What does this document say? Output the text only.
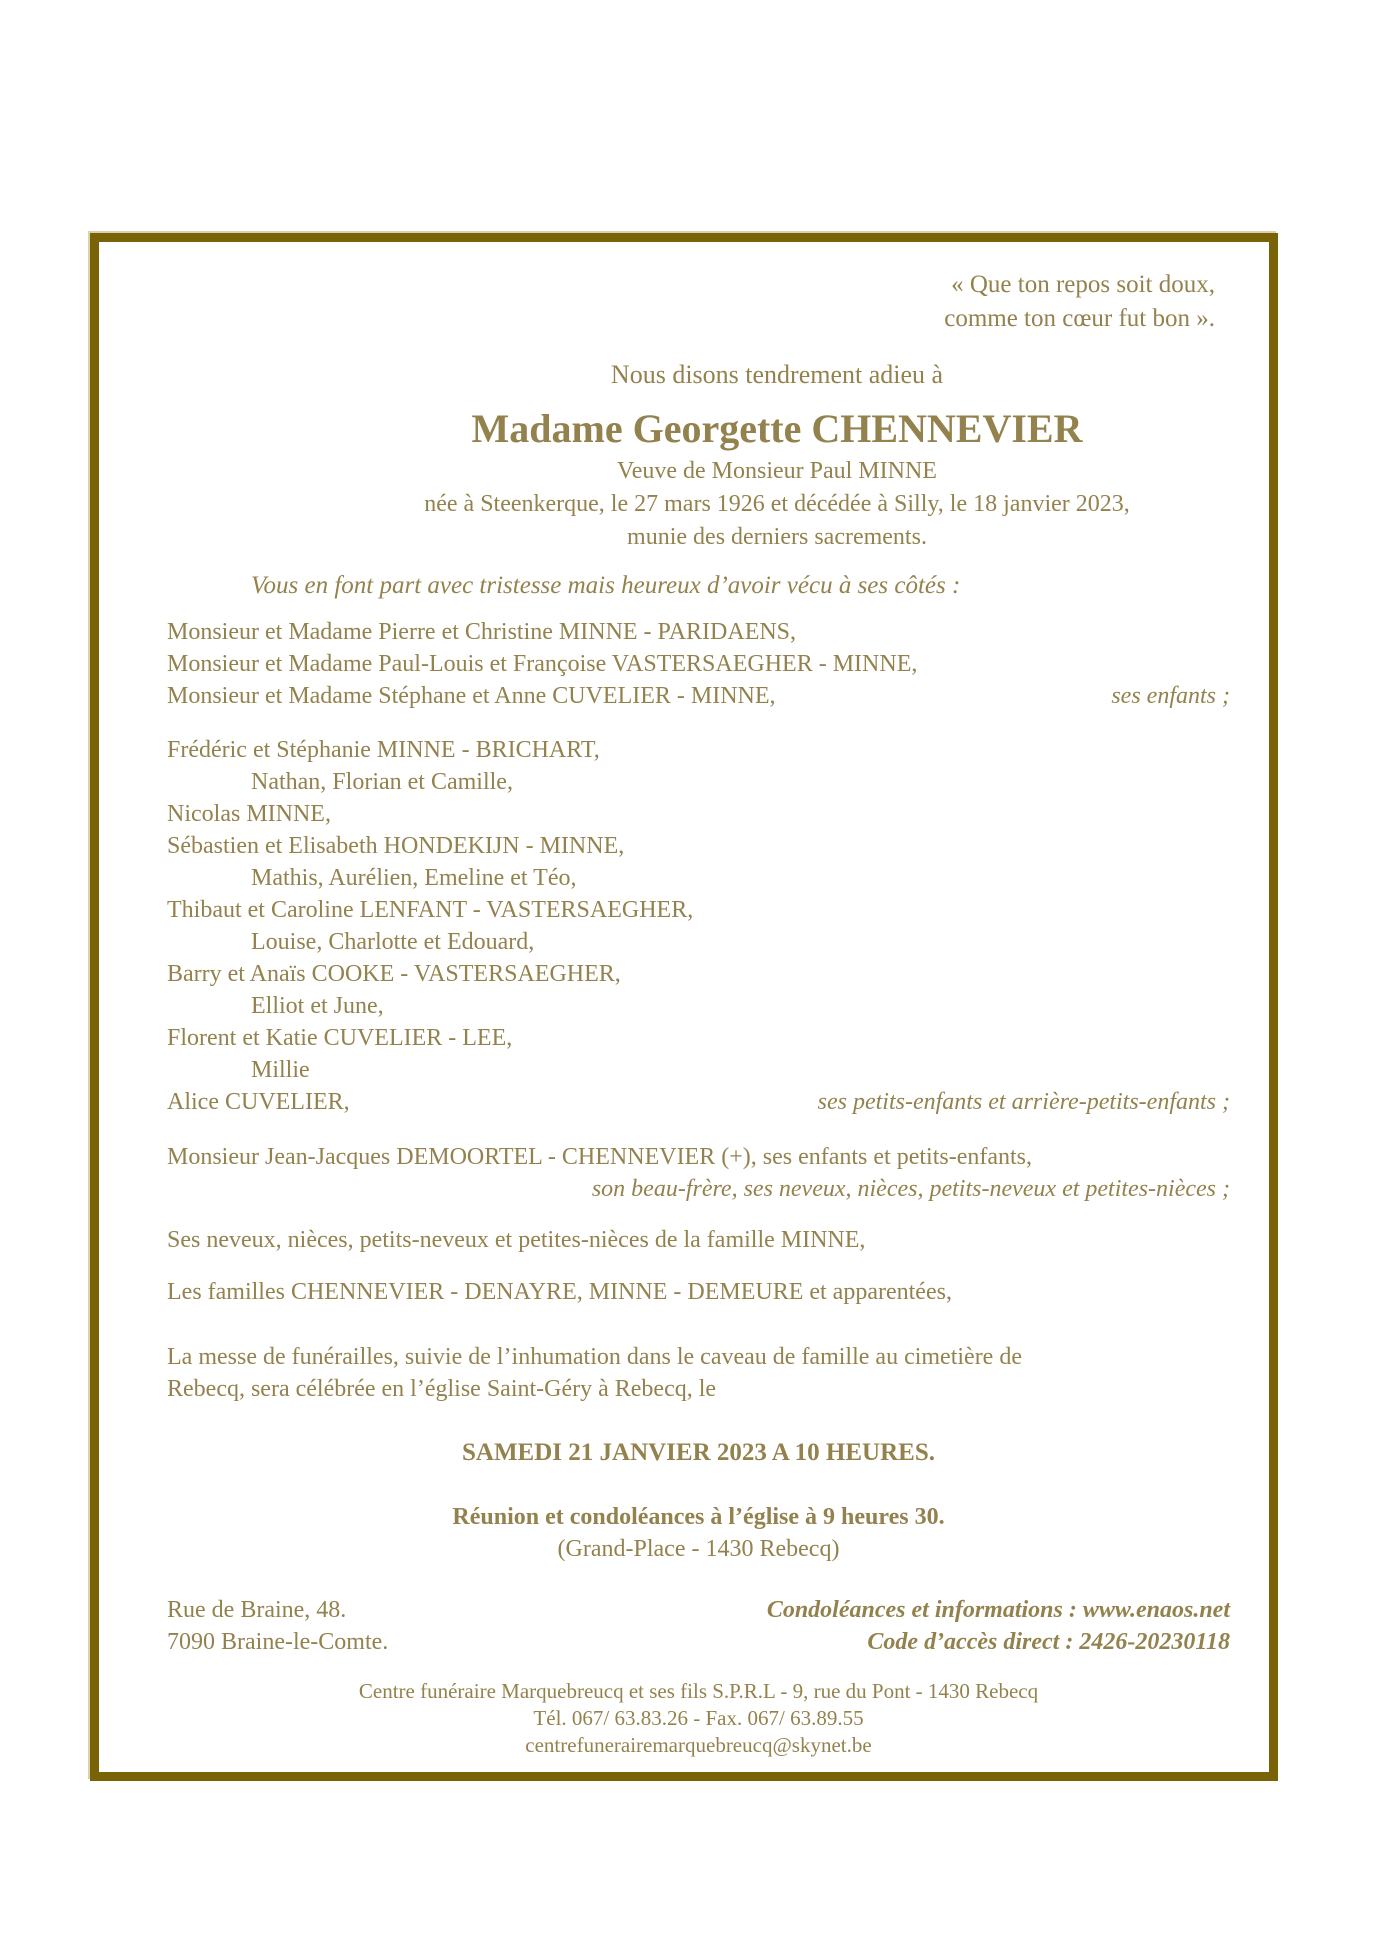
« Que ton repos soit doux,
comme ton cœur fut bon ».
Nous disons tendrement adieu à
Madame Georgette CHENNEVIER
Veuve de Monsieur Paul MINNE
née à Steenkerque, le 27 mars 1926 et décédée à Silly, le 18 janvier 2023,
munie des derniers sacrements.
Vous en font part avec tristesse mais heureux d’avoir vécu à ses côtés :
Monsieur et Madame Pierre et Christine MINNE - PARIDAENS,
Monsieur et Madame Paul-Louis et Françoise VASTERSAEGHER - MINNE,
Monsieur et Madame Stéphane et Anne CUVELIER - MINNE,	ses enfants ;
Frédéric et Stéphanie MINNE - BRICHART,
Nathan, Florian et Camille,
Nicolas MINNE,
Sébastien et Elisabeth HONDEKIJN - MINNE,
Mathis, Aurélien, Emeline et Téo,
Thibaut et Caroline LENFANT - VASTERSAEGHER,
Louise, Charlotte et Edouard,
Barry et Anaïs COOKE - VASTERSAEGHER,
Elliot et June,
Florent et Katie CUVELIER - LEE,
Millie
Alice CUVELIER,	ses petits-enfants et arrière-petits-enfants ;
Monsieur Jean-Jacques DEMOORTEL - CHENNEVIER (+), ses enfants et petits-enfants,
son beau-frère, ses neveux, nièces, petits-neveux et petites-nièces ;
Ses neveux, nièces, petits-neveux et petites-nièces de la famille MINNE,
Les familles CHENNEVIER - DENAYRE, MINNE - DEMEURE et apparentées,
La messe de funérailles, suivie de l’inhumation dans le caveau de famille au cimetière de
Rebecq, sera célébrée en l’église Saint-Géry à Rebecq, le
SAMEDI 21 JANVIER 2023 A 10 HEURES.
Réunion et condoléances à l’église à 9 heures 30.
(Grand-Place - 1430 Rebecq)
Rue de Braine, 48.
7090 Braine-le-Comte.
Condoléances et informations : www.enaos.net
Code d’accès direct : 2426-20230118
Centre funéraire Marquebreucq et ses fils S.P.R.L - 9, rue du Pont - 1430 Rebecq
Tél. 067/ 63.83.26 - Fax. 067/ 63.89.55
centrefunerairemarquebreucq@skynet.be
